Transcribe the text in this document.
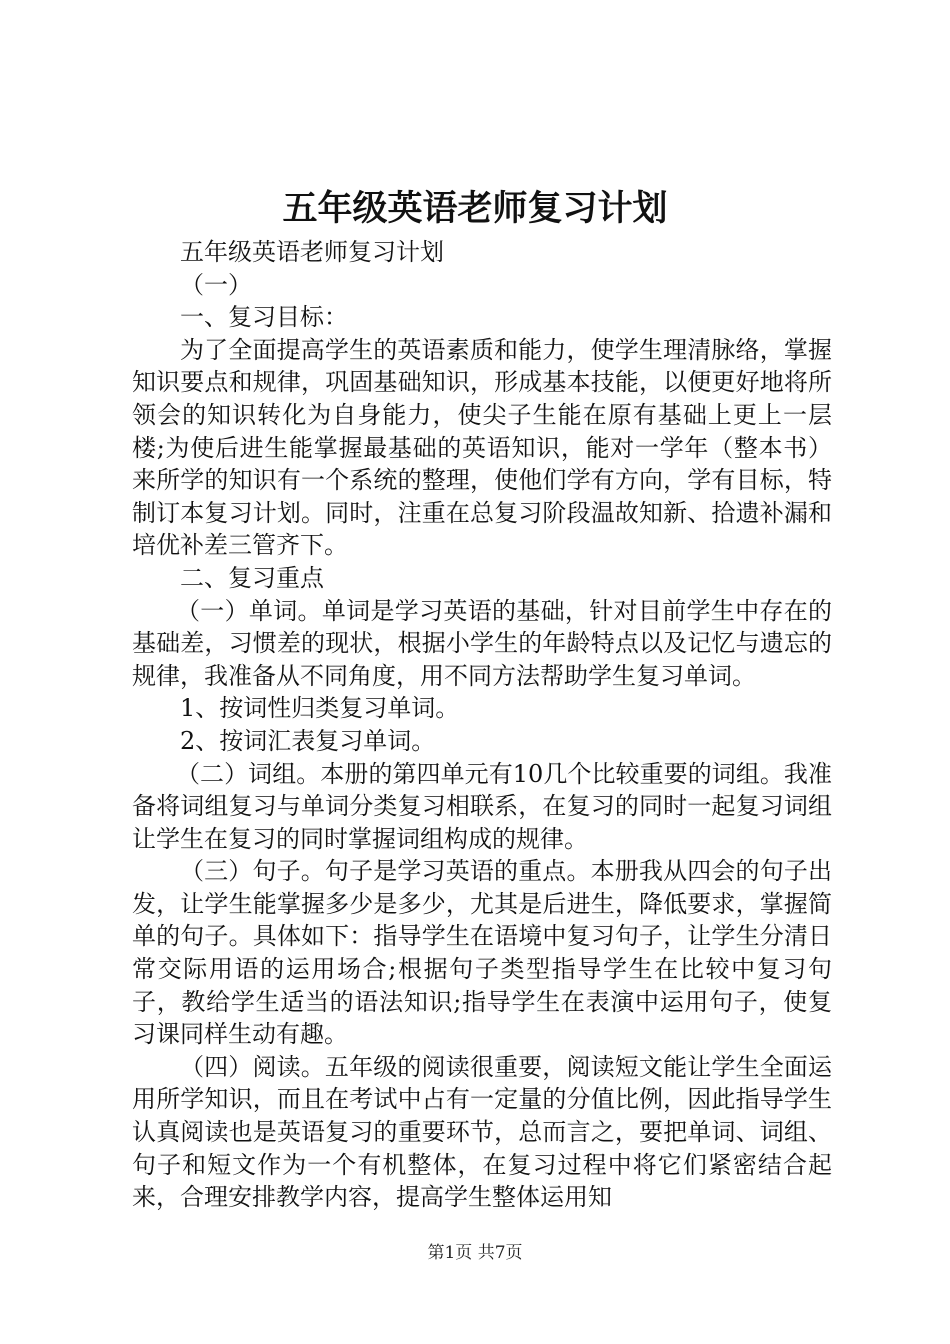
五年级英语老师复习计划

五年级英语老师复习计划

（一）

一、复习目标：

为了全面提高学生的英语素质和能力，使学生理清脉络，掌握知识要点和规律，巩固基础知识，形成基本技能，以便更好地将所领会的知识转化为自身能力，使尖子生能在原有基础上更上一层楼;为使后进生能掌握最基础的英语知识，能对一学年（整本书）来所学的知识有一个系统的整理，使他们学有方向，学有目标，特制订本复习计划。同时，注重在总复习阶段温故知新、拾遗补漏和培优补差三管齐下。

二、复习重点

（一）单词。单词是学习英语的基础，针对目前学生中存在的基础差，习惯差的现状，根据小学生的年龄特点以及记忆与遗忘的规律，我准备从不同角度，用不同方法帮助学生复习单词。

1、按词性归类复习单词。

2、按词汇表复习单词。

（二）词组。本册的第四单元有10几个比较重要的词组。我准备将词组复习与单词分类复习相联系，在复习的同时一起复习词组让学生在复习的同时掌握词组构成的规律。

（三）句子。句子是学习英语的重点。本册我从四会的句子出发，让学生能掌握多少是多少，尤其是后进生，降低要求，掌握简单的句子。具体如下：指导学生在语境中复习句子，让学生分清日常交际用语的运用场合;根据句子类型指导学生在比较中复习句子，教给学生适当的语法知识;指导学生在表演中运用句子，使复习课同样生动有趣。

（四）阅读。五年级的阅读很重要，阅读短文能让学生全面运用所学知识，而且在考试中占有一定量的分值比例，因此指导学生认真阅读也是英语复习的重要环节，总而言之，要把单词、词组、句子和短文作为一个有机整体，在复习过程中将它们紧密结合起来，合理安排教学内容，提高学生整体运用知

第1页 共7页
